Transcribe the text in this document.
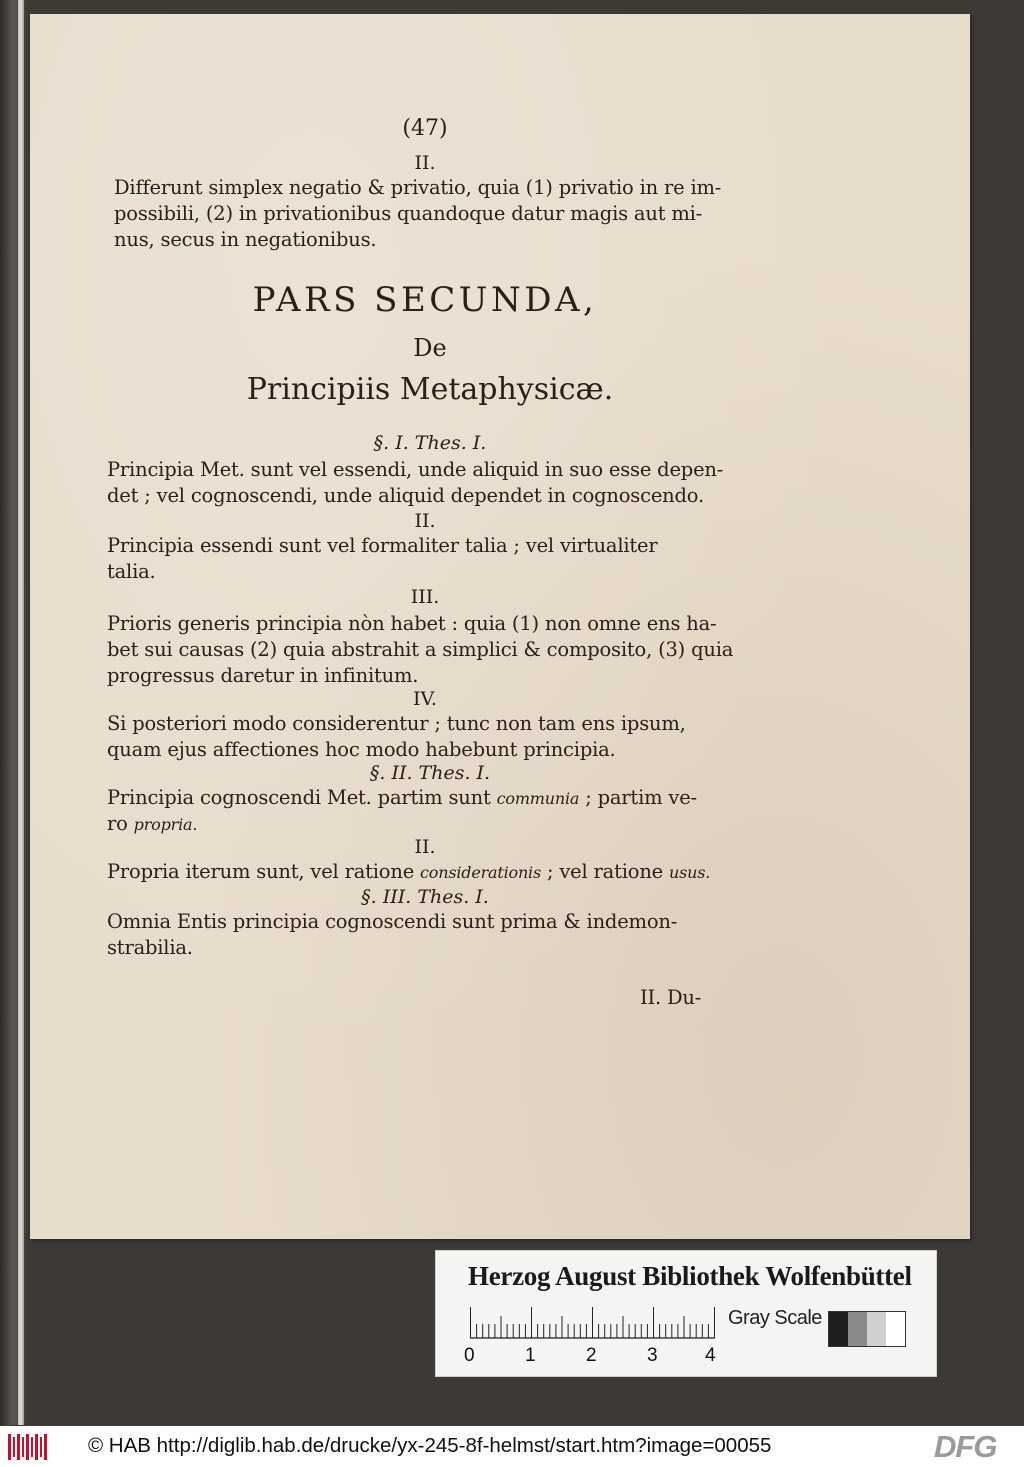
(47)
II.
Differunt simplex negatio & privatio, quia (1) privatio in re im-
possibili, (2) in privationibus quandoque datur magis aut mi-
nus, secus in negationibus.
PARS SECUNDA,
De
Principiis Metaphysicæ.
§. I. Thes. I.
Principia Met. sunt vel essendi, unde aliquid in suo esse depen-
det ; vel cognoscendi, unde aliquid dependet in cognoscendo.
II.
Principia essendi sunt vel formaliter talia ; vel virtualiter
talia.
III.
Prioris generis principia nòn habet : quia (1) non omne ens ha-
bet sui causas (2) quia abstrahit a simplici & composito, (3) quia
progressus daretur in infinitum.
IV.
Si posteriori modo considerentur ; tunc non tam ens ipsum,
quam ejus affectiones hoc modo habebunt principia.
§. II. Thes. I.
Principia cognoscendi Met. partim sunt communia ; partim ve-
ro propria.
II.
Propria iterum sunt, vel ratione considerationis ; vel ratione usus.
§. III. Thes. I.
Omnia Entis principia cognoscendi sunt prima & indemon-
strabilia.
II. Du-
Herzog August Bibliothek Wolfenbüttel
0	1	2	3 4
Gray Scale
© HAB http://diglib.hab.de/drucke/yx-245-8f-helmst/start.htm?image=00055	DFG
